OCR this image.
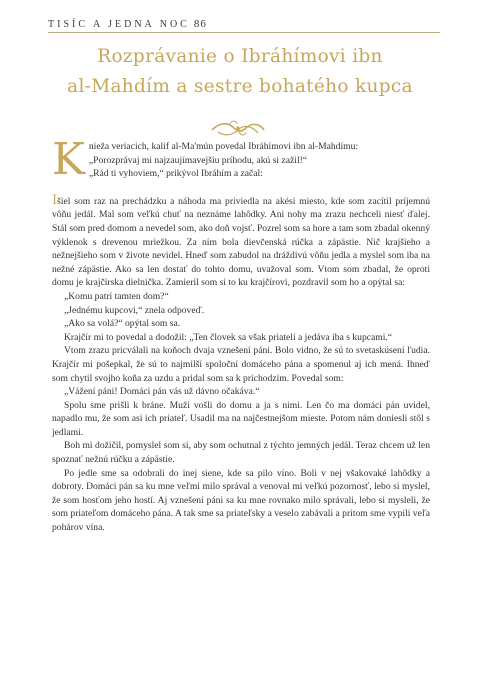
TISÍC A JEDNA NOC 86
Rozprávanie o Ibráhímovi ibn
al-Mahdím a sestre bohatého kupca

Knieža veriacich, kalif al-Ma'mún povedal Ibráhímovi ibn al-Mahdímu:

„Porozprávaj mi najzaujímavejšiu príhodu, akú si zažil!“

„Rád ti vyhoviem,“ prikývol Ibráhím a začal:

Išiel som raz na prechádzku a náhoda ma priviedla na akési miesto, kde som zacítil príjemnú vôňu jedál. Mal som veľkú chuť na neznáme lahôdky. Ani nohy ma zrazu nechceli niesť ďalej. Stál som pred domom a nevedel som, ako doň vojsť. Pozrel som sa hore a tam som zbadal okenný výklenok s drevenou mriežkou. Za ním bola dievčenská rúčka a zápästie. Nič krajšieho a nežnejšieho som v živote nevidel. Hneď som zabudol na dráždivú vôňu jedla a myslel som iba na nežné zápästie. Ako sa len dostať do tohto domu, uvažoval som. Vtom som zbadal, že oproti domu je krajčírska dielnička. Zamieril som si to ku krajčírovi, pozdravil som ho a opýtal sa:

„Komu patrí tamten dom?“

„Jednému kupcovi,“ znela odpoveď.

„Ako sa volá?“ opýtal som sa.

Krajčír mi to povedal a dodožil: „Ten človek sa však priatelí a jedáva iba s kupcami.“

Vtom zrazu pricválali na koňoch dvaja vznešení páni. Bolo vidno, že sú to svetaskúsení ľudia. Krajčír mi pošepkal, že sú to najmilší spoloční domáceho pána a spomenul aj ich mená. Ihneď som chytil svojho koňa za uzdu a pridal som sa k príchodzím. Povedal som:

„Vážení páni! Domáci pán vás už dávno očakáva.“

Spolu sme prišli k bráne. Muži vošli do domu a ja s nimi. Len čo ma domáci pán uvidel, napadlo mu, že som asi ich priateľ. Usadil ma na najčestnejšom mieste. Potom nám doniesli stôl s jedlami.

Boh mi dožičil, pomyslel som si, aby som ochutnal z týchto jemných jedál. Teraz chcem už len spoznať nežnú rúčku a zápästie.

Po jedle sme sa odobrali do inej siene, kde sa pilo víno. Boli v nej všakovaké lahôdky a dobroty. Domáci pán sa ku mne veľmi milo správal a venoval mi veľkú pozornosť, lebo si myslel, že som hosťom jeho hostí. Aj vznešení páni sa ku mne rovnako milo správali, lebo si mysleli, že som priateľom domáceho pána. A tak sme sa priateľsky a veselo zabávali a pritom sme vypili veľa pohárov vína.
